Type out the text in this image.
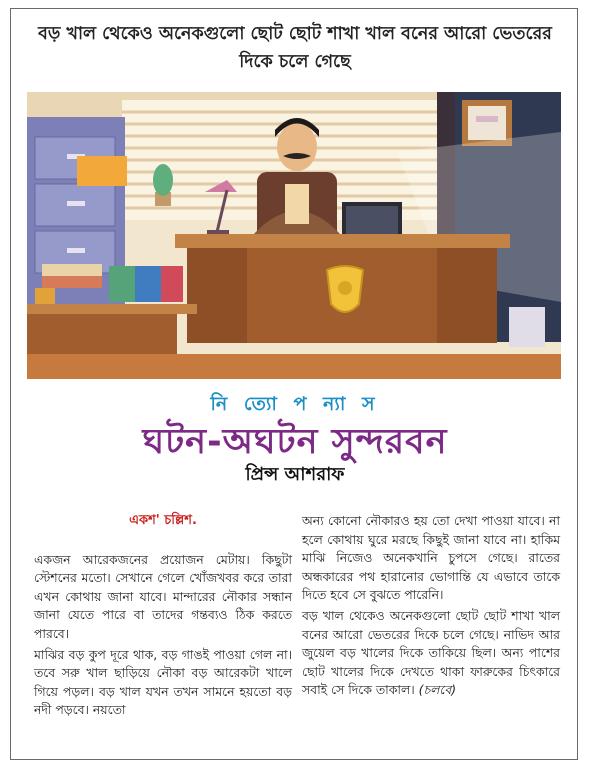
বড় খাল থেকেও অনেকগুলো ছোট ছোট শাখা খাল বনের আরো ভেতরের দিকে চলে গেছে
নি ত্যো প ন্যা স
ঘটন-অঘটন সুন্দরবন
প্রিন্স আশরাফ
একশ' চল্লিশ.

একজন আরেকজনের প্রয়োজন মেটায়। কিছুটা স্টেশনের মতো। সেখানে গেলে খোঁজখবর করে তারা এখন কোথায় জানা যাবে। মান্দারের নৌকার সন্ধান জানা যেতে পারে বা তাদের গন্তব্যও ঠিক করতে পারবে।

মাঝির বড় কুপ দূরে থাক, বড় গাঙই পাওয়া গেল না। তবে সরু খাল ছাড়িয়ে নৌকা বড় আরেকটা খালে গিয়ে পড়ল। বড় খাল যখন তখন সামনে হয়তো বড় নদী পড়বে। নয়তো

অন্য কোনো নৌকারও হয় তো দেখা পাওয়া যাবে। না হলে কোথায় ঘুরে মরছে কিছুই জানা যাবে না। হাকিম মাঝি নিজেও অনেকখানি চুপসে গেছে। রাতের অন্ধকারের পথ হারানোর ভোগান্তি যে এভাবে তাকে দিতে হবে সে বুঝতে পারেনি।

বড় খাল থেকেও অনেকগুলো ছোট ছোট শাখা খাল বনের আরো ভেতরের দিকে চলে গেছে। নাভিদ আর জুয়েল বড় খালের দিকে তাকিয়ে ছিল। অন্য পাশের ছোট খালের দিকে দেখতে থাকা ফারুকের চিৎকারে সবাই সে দিকে তাকাল। (চলবে)
